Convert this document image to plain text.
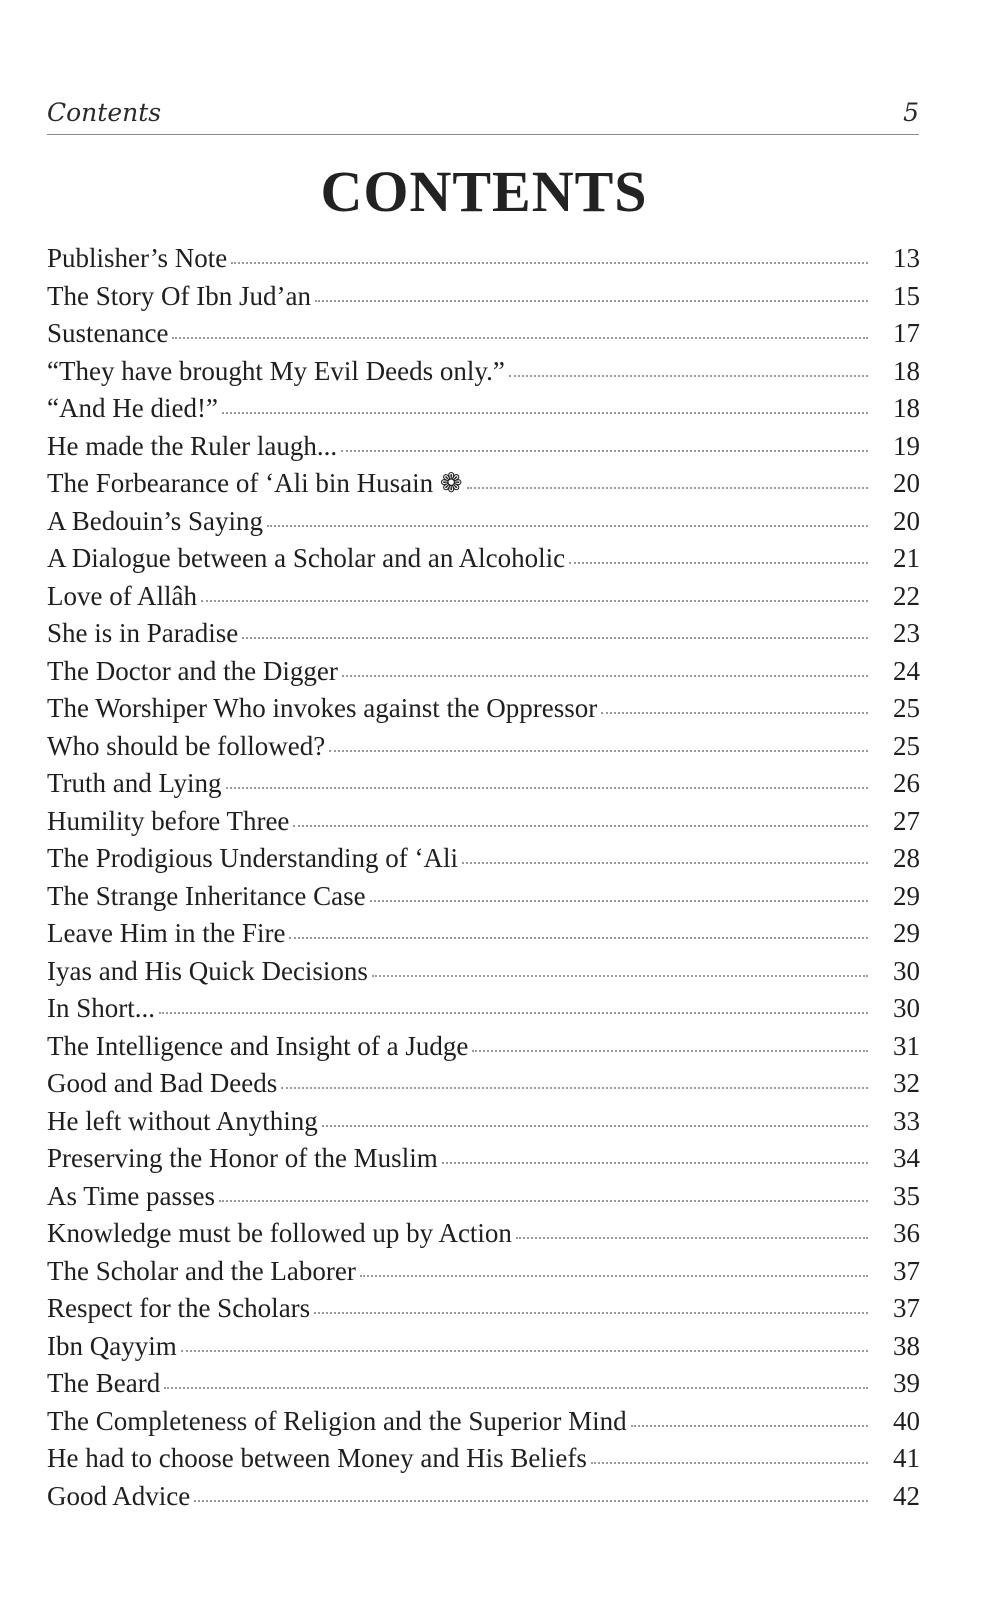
Contents	5
CONTENTS
Publisher’s Note	13
The Story Of Ibn Jud’an	15
Sustenance	17
“They have brought My Evil Deeds only.”	18
“And He died!”	18
He made the Ruler laugh...	19
The Forbearance of ‘Ali bin Husain ❁	20
A Bedouin’s Saying	20
A Dialogue between a Scholar and an Alcoholic	21
Love of Allâh	22
She is in Paradise	23
The Doctor and the Digger	24
The Worshiper Who invokes against the Oppressor	25
Who should be followed?	25
Truth and Lying	26
Humility before Three	27
The Prodigious Understanding of ‘Ali	28
The Strange Inheritance Case	29
Leave Him in the Fire	29
Iyas and His Quick Decisions	30
In Short...	30
The Intelligence and Insight of a Judge	31
Good and Bad Deeds	32
He left without Anything	33
Preserving the Honor of the Muslim	34
As Time passes	35
Knowledge must be followed up by Action	36
The Scholar and the Laborer	37
Respect for the Scholars	37
Ibn Qayyim	38
The Beard	39
The Completeness of Religion and the Superior Mind	40
He had to choose between Money and His Beliefs	41
Good Advice	42
